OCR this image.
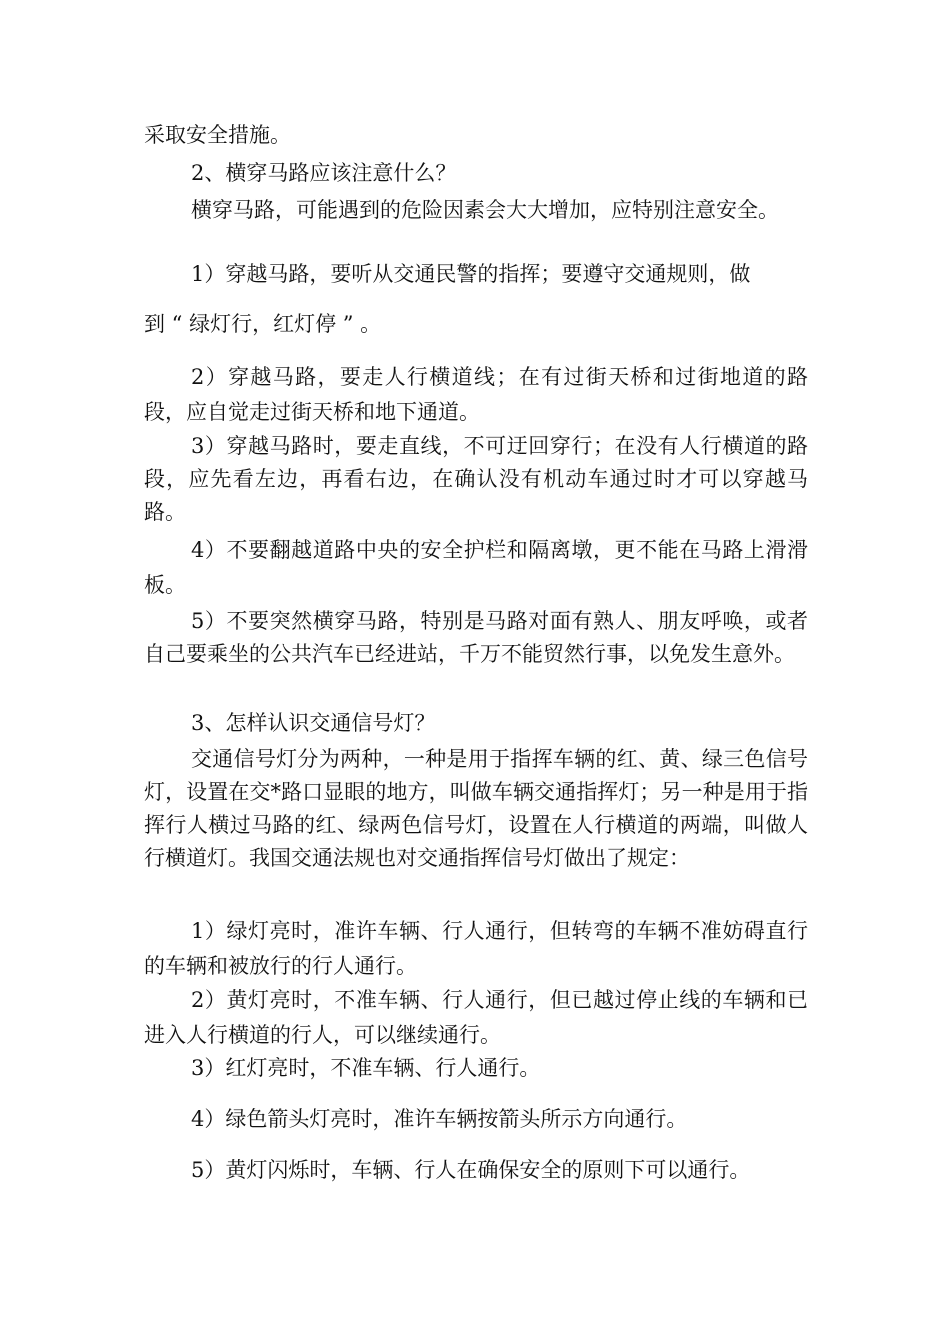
采取安全措施。

2、横穿马路应该注意什么？

横穿马路，可能遇到的危险因素会大大增加，应特别注意安全。

1）穿越马路，要听从交通民警的指挥；要遵守交通规则，做

到 “ 绿灯行，红灯停 ” 。

2）穿越马路，要走人行横道线；在有过街天桥和过街地道的路段，应自觉走过街天桥和地下通道。

3）穿越马路时，要走直线，不可迂回穿行；在没有人行横道的路段，应先看左边，再看右边，在确认没有机动车通过时才可以穿越马路。

4）不要翻越道路中央的安全护栏和隔离墩，更不能在马路上滑滑板。

5）不要突然横穿马路，特别是马路对面有熟人、朋友呼唤，或者自己要乘坐的公共汽车已经进站，千万不能贸然行事，以免发生意外。

3、怎样认识交通信号灯？

交通信号灯分为两种，一种是用于指挥车辆的红、黄、绿三色信号灯，设置在交*路口显眼的地方，叫做车辆交通指挥灯；另一种是用于指挥行人横过马路的红、绿两色信号灯，设置在人行横道的两端，叫做人行横道灯。我国交通法规也对交通指挥信号灯做出了规定：

1）绿灯亮时，准许车辆、行人通行，但转弯的车辆不准妨碍直行的车辆和被放行的行人通行。

2）黄灯亮时，不准车辆、行人通行，但已越过停止线的车辆和已进入人行横道的行人，可以继续通行。

3）红灯亮时，不准车辆、行人通行。

4）绿色箭头灯亮时，准许车辆按箭头所示方向通行。

5）黄灯闪烁时，车辆、行人在确保安全的原则下可以通行。
